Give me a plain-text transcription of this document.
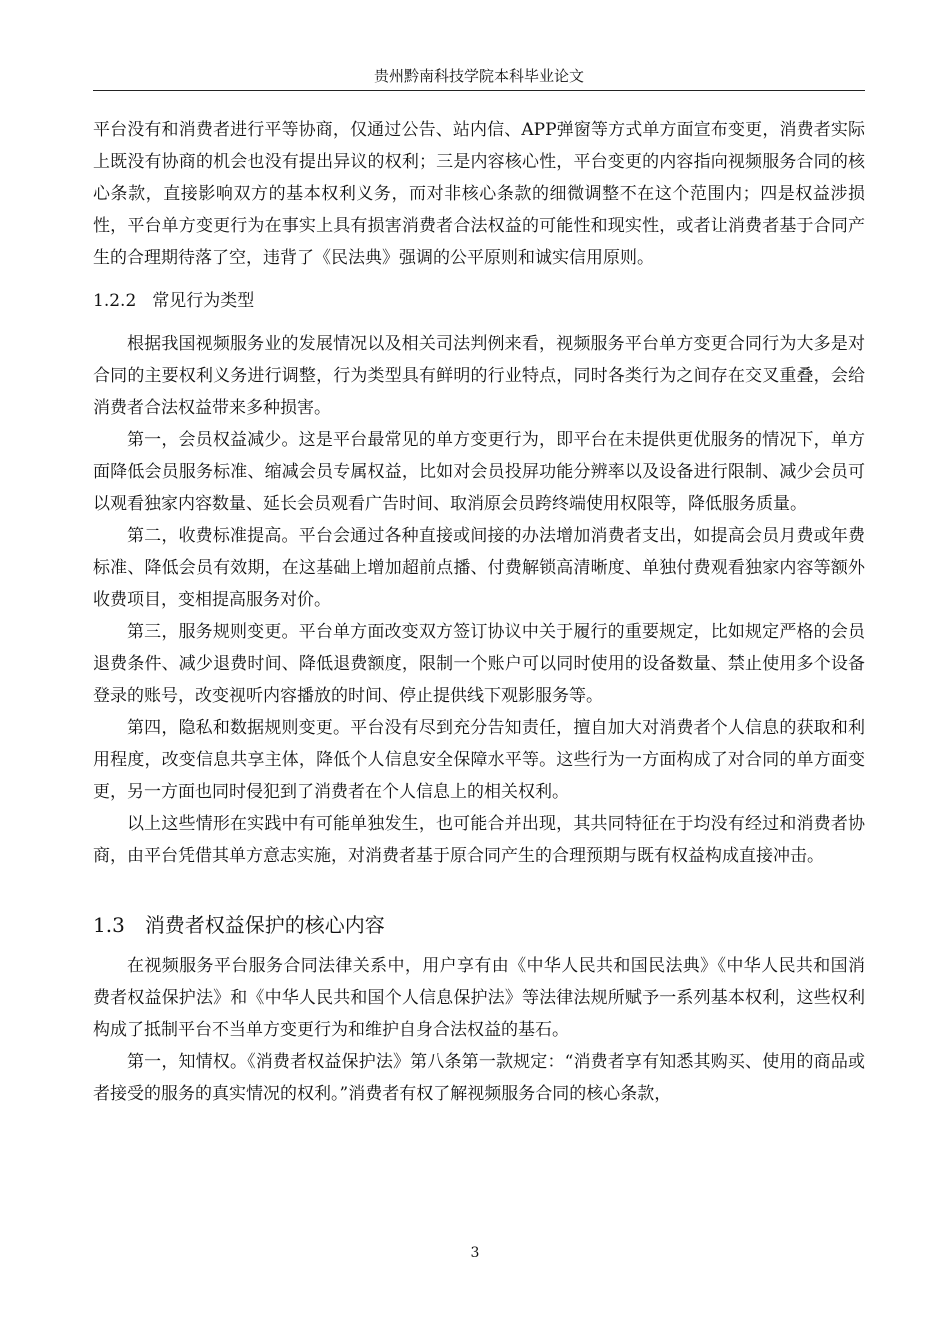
贵州黔南科技学院本科毕业论文

平台没有和消费者进行平等协商，仅通过公告、站内信、APP弹窗等方式单方面宣布变更，消费者实际上既没有协商的机会也没有提出异议的权利；三是内容核心性，平台变更的内容指向视频服务合同的核心条款，直接影响双方的基本权利义务，而对非核心条款的细微调整不在这个范围内；四是权益涉损性，平台单方变更行为在事实上具有损害消费者合法权益的可能性和现实性，或者让消费者基于合同产生的合理期待落了空，违背了《民法典》强调的公平原则和诚实信用原则。

1.2.2 常见行为类型

根据我国视频服务业的发展情况以及相关司法判例来看，视频服务平台单方变更合同行为大多是对合同的主要权利义务进行调整，行为类型具有鲜明的行业特点，同时各类行为之间存在交叉重叠，会给消费者合法权益带来多种损害。

第一，会员权益减少。这是平台最常见的单方变更行为，即平台在未提供更优服务的情况下，单方面降低会员服务标准、缩减会员专属权益，比如对会员投屏功能分辨率以及设备进行限制、减少会员可以观看独家内容数量、延长会员观看广告时间、取消原会员跨终端使用权限等，降低服务质量。

第二，收费标准提高。平台会通过各种直接或间接的办法增加消费者支出，如提高会员月费或年费标准、降低会员有效期，在这基础上增加超前点播、付费解锁高清晰度、单独付费观看独家内容等额外收费项目，变相提高服务对价。

第三，服务规则变更。平台单方面改变双方签订协议中关于履行的重要规定，比如规定严格的会员退费条件、减少退费时间、降低退费额度，限制一个账户可以同时使用的设备数量、禁止使用多个设备登录的账号，改变视听内容播放的时间、停止提供线下观影服务等。

第四，隐私和数据规则变更。平台没有尽到充分告知责任，擅自加大对消费者个人信息的获取和利用程度，改变信息共享主体，降低个人信息安全保障水平等。这些行为一方面构成了对合同的单方面变更，另一方面也同时侵犯到了消费者在个人信息上的相关权利。

以上这些情形在实践中有可能单独发生，也可能合并出现，其共同特征在于均没有经过和消费者协商，由平台凭借其单方意志实施，对消费者基于原合同产生的合理预期与既有权益构成直接冲击。

1.3 消费者权益保护的核心内容

在视频服务平台服务合同法律关系中，用户享有由《中华人民共和国民法典》《中华人民共和国消费者权益保护法》和《中华人民共和国个人信息保护法》等法律法规所赋予一系列基本权利，这些权利构成了抵制平台不当单方变更行为和维护自身合法权益的基石。

第一，知情权。《消费者权益保护法》第八条第一款规定：“消费者享有知悉其购买、使用的商品或者接受的服务的真实情况的权利。”消费者有权了解视频服务合同的核心条款，

3
